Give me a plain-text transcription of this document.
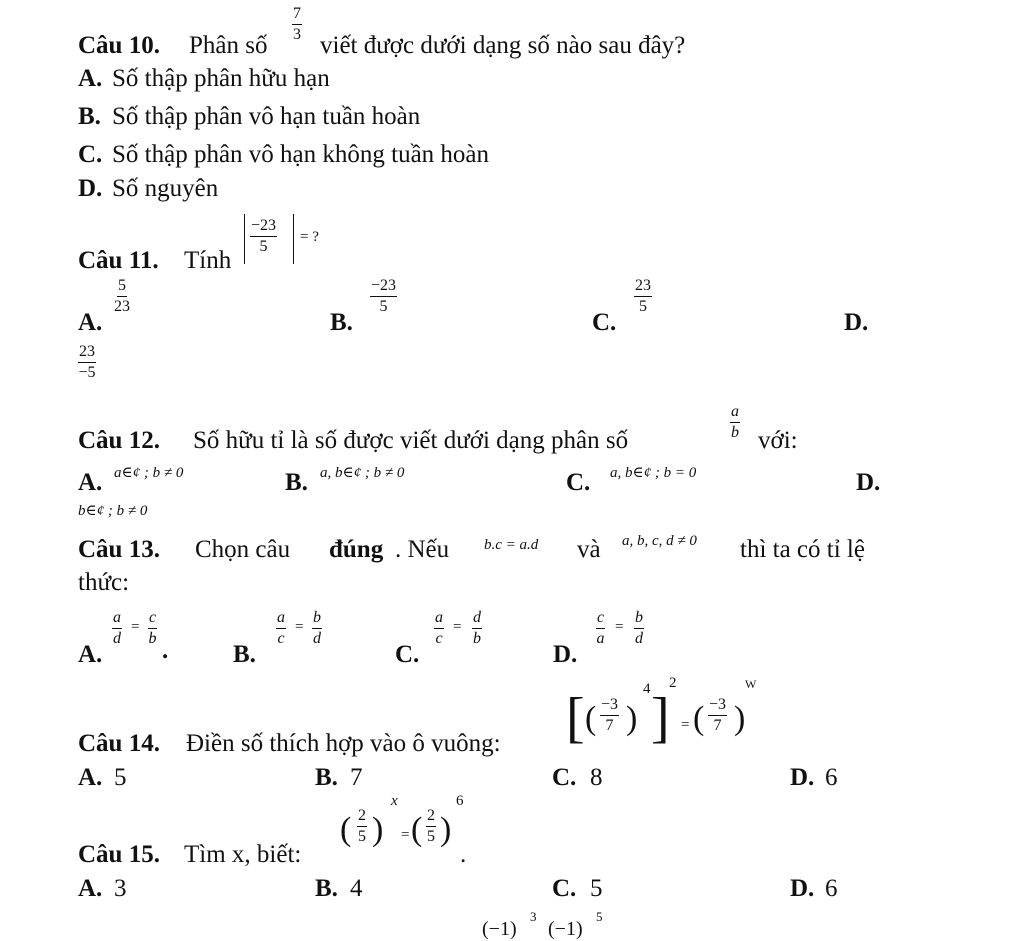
Câu 10. Phân số
$\frac{7}{3}$
viết được dưới dạng số nào sau đây?
A. Số thập phân hữu hạn
B. Số thập phân vô hạn tuần hoàn
C. Số thập phân vô hạn không tuần hoàn
D. Số nguyên
Câu 11. Tính
$\frac{-23}{5}$ = ?
A.
$\frac{5}{23}$
B.
$\frac{-23}{5}$
C.
$\frac{23}{5}$
D.
$\frac{23}{-5}$
Câu 12. Số hữu tỉ là số được viết dưới dạng phân số	$\frac{a}{b}$ với:
A. a∈¢ ; b ≠ 0	B. a, b∈¢ ; b ≠ 0	C. a, b∈¢ ; b = 0	D.
b∈¢ ; b ≠ 0
Câu 13. Chọn câu đúng . Nếu b.c = a.d và a, b, c, d ≠ 0 thì ta có tỉ lệ
thức:
A.
$\frac{a}{d} = \frac{c}{b}$
.	B.
$\frac{a}{c} = \frac{b}{d}$
C.
$\frac{a}{c} = \frac{d}{b}$
D.
$\frac{c}{a} = \frac{b}{d}$
Câu 14. Điền số thích hợp vào ô vuông: [ ( $\frac{-3}{7}$ )
4 ]
2
= ( $\frac{-3}{7}$ )
W
A. 5	B. 7	C. 8	D. 6
Câu 15. Tìm x, biết:
( $\frac{2}{5}$ )
x
= ( $\frac{2}{5}$ )
6
.
A. 3	B. 4	C. 5	D. 6
(−1)
3
(−1)
5
